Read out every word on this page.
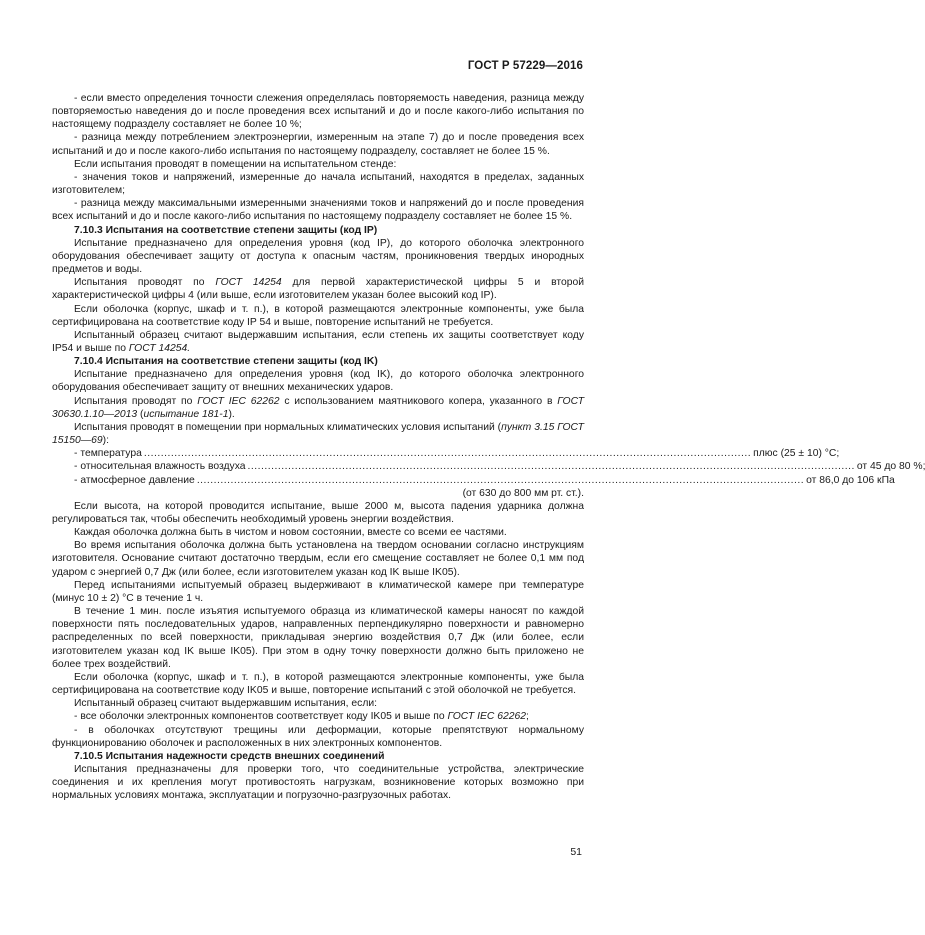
ГОСТ Р 57229—2016

- если вместо определения точности слежения определялась повторяемость наведения, разница между повторяемостью наведения до и после проведения всех испытаний и до и после какого-либо испытания по настоящему подразделу составляет не более 10 %;

- разница между потреблением электроэнергии, измеренным на этапе 7) до и после проведения всех испытаний и до и после какого-либо испытания по настоящему подразделу, составляет не более 15 %.

Если испытания проводят в помещении на испытательном стенде:

- значения токов и напряжений, измеренные до начала испытаний, находятся в пределах, заданных изготовителем;

- разница между максимальными измеренными значениями токов и напряжений до и после проведения всех испытаний и до и после какого-либо испытания по настоящему подразделу составляет не более 15 %.

7.10.3 Испытания на соответствие степени защиты (код IP)

Испытание предназначено для определения уровня (код IP), до которого оболочка электронного оборудования обеспечивает защиту от доступа к опасным частям, проникновения твердых инородных предметов и воды.

Испытания проводят по ГОСТ 14254 для первой характеристической цифры 5 и второй характеристической цифры 4 (или выше, если изготовителем указан более высокий код IP).

Если оболочка (корпус, шкаф и т. п.), в которой размещаются электронные компоненты, уже была сертифицирована на соответствие коду IP 54 и выше, повторение испытаний не требуется.

Испытанный образец считают выдержавшим испытания, если степень их защиты соответствует коду IP54 и выше по ГОСТ 14254.

7.10.4 Испытания на соответствие степени защиты (код IK)

Испытание предназначено для определения уровня (код IK), до которого оболочка электронного оборудования обеспечивает защиту от внешних механических ударов.

Испытания проводят по ГОСТ IEC 62262 с использованием маятникового копера, указанного в ГОСТ 30630.1.10—2013 (испытание 181-1).

Испытания проводят в помещении при нормальных климатических условия испытаний (пункт 3.15 ГОСТ 15150—69):

- температура .................................................................................................................................................................................... плюс (25 ± 10) °С;
- относительная влажность воздуха .................................................................................................................................................................................... от 45 до 80 %;
- атмосферное давление .................................................................................................................................................................................... от 86,0 до 106 кПа

(от 630 до 800 мм рт. ст.).

Если высота, на которой проводится испытание, выше 2000 м, высота падения ударника должна регулироваться так, чтобы обеспечить необходимый уровень энергии воздействия.

Каждая оболочка должна быть в чистом и новом состоянии, вместе со всеми ее частями.

Во время испытания оболочка должна быть установлена на твердом основании согласно инструкциям изготовителя. Основание считают достаточно твердым, если его смещение составляет не более 0,1 мм под ударом с энергией 0,7 Дж (или более, если изготовителем указан код IK выше IK05).

Перед испытаниями испытуемый образец выдерживают в климатической камере при температуре (минус 10 ± 2) °С в течение 1 ч.

В течение 1 мин. после изъятия испытуемого образца из климатической камеры наносят по каждой поверхности пять последовательных ударов, направленных перпендикулярно поверхности и равномерно распределенных по всей поверхности, прикладывая энергию воздействия 0,7 Дж (или более, если изготовителем указан код IK выше IK05). При этом в одну точку поверхности должно быть приложено не более трех воздействий.

Если оболочка (корпус, шкаф и т. п.), в которой размещаются электронные компоненты, уже была сертифицирована на соответствие коду IK05 и выше, повторение испытаний с этой оболочкой не требуется.

Испытанный образец считают выдержавшим испытания, если:

- все оболочки электронных компонентов соответствует коду IK05 и выше по ГОСТ IEC 62262;

- в оболочках отсутствуют трещины или деформации, которые препятствуют нормальному функционированию оболочек и расположенных в них электронных компонентов.

7.10.5 Испытания надежности средств внешних соединений

Испытания предназначены для проверки того, что соединительные устройства, электрические соединения и их крепления могут противостоять нагрузкам, возникновение которых возможно при нормальных условиях монтажа, эксплуатации и погрузочно-разгрузочных работах.

51
